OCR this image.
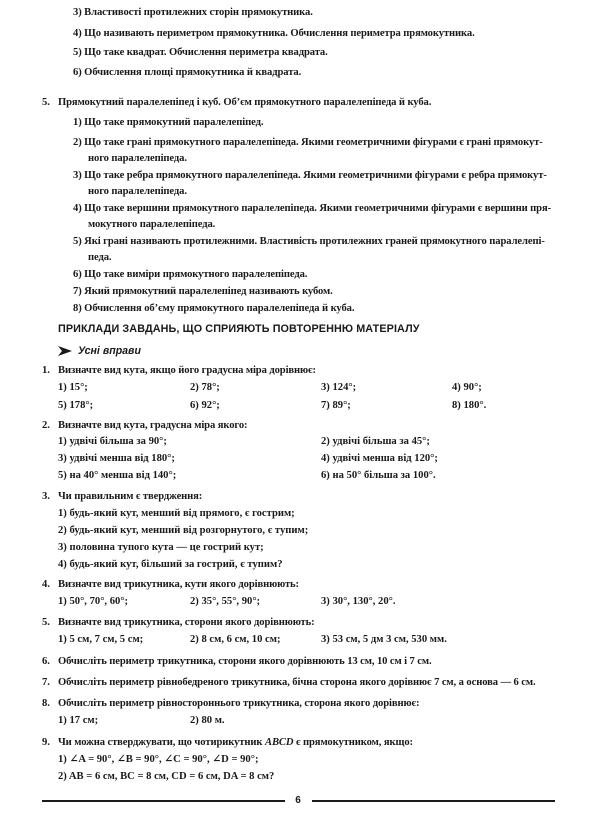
3) Властивості протилежних сторін прямокутника.
4) Що називають периметром прямокутника. Обчислення периметра прямокутника.
5) Що таке квадрат. Обчислення периметра квадрата.
6) Обчислення площі прямокутника й квадрата.
5. Прямокутний паралелепіпед і куб. Об’єм прямокутного паралелепіпеда й куба.
1) Що таке прямокутний паралелепіпед.
2) Що таке грані прямокутного паралелепіпеда. Якими геометричними фігурами є грані прямокут-
ного паралелепіпеда.
3) Що таке ребра прямокутного паралелепіпеда. Якими геометричними фігурами є ребра прямокут-
ного паралелепіпеда.
4) Що таке вершини прямокутного паралелепіпеда. Якими геометричними фігурами є вершини пря-
мокутного паралелепіпеда.
5) Які грані називають протилежними. Властивість протилежних граней прямокутного паралелепі-
педа.
6) Що таке виміри прямокутного паралелепіпеда.
7) Який прямокутний паралелепіпед називають кубом.
8) Обчислення об’єму прямокутного паралелепіпеда й куба.
ПРИКЛАДИ ЗАВДАНЬ, ЩО СПРИЯЮТЬ ПОВТОРЕННЮ МАТЕРІАЛУ
Усні вправи
1. Визначте вид кута, якщо його градусна міра дорівнює:
1) 15°;	2) 78°;	3) 124°;	4) 90°;
5) 178°;	6) 92°;	7) 89°;	8) 180°.
2. Визначте вид кута, градусна міра якого:
1) удвічі більша за 90°;	2) удвічі більша за 45°;
3) удвічі менша від 180°;	4) удвічі менша від 120°;
5) на 40° менша від 140°;	6) на 50° більша за 100°.
3. Чи правильним є твердження:
1) будь-який кут, менший від прямого, є гострим;
2) будь-який кут, менший від розгорнутого, є тупим;
3) половина тупого кута — це гострий кут;
4) будь-який кут, більший за гострий, є тупим?
4. Визначте вид трикутника, кути якого дорівнюють:
1) 50°, 70°, 60°;	2) 35°, 55°, 90°;	3) 30°, 130°, 20°.
5. Визначте вид трикутника, сторони якого дорівнюють:
1) 5 см, 7 см, 5 см;	2) 8 см, 6 см, 10 см;	3) 53 см, 5 дм 3 см, 530 мм.
6. Обчисліть периметр трикутника, сторони якого дорівнюють 13 см, 10 см і 7 см.
7. Обчисліть периметр рівнобедреного трикутника, бічна сторона якого дорівнює 7 см, а основа — 6 см.
8. Обчисліть периметр рівностороннього трикутника, сторона якого дорівнює:
1) 17 см;	2) 80 м.
9. Чи можна стверджувати, що чотирикутник ABCD є прямокутником, якщо:
1) ∠A = 90°, ∠B = 90°, ∠C = 90°, ∠D = 90°;
2) AB = 6 см, BC = 8 см, CD = 6 см, DA = 8 см?
6
